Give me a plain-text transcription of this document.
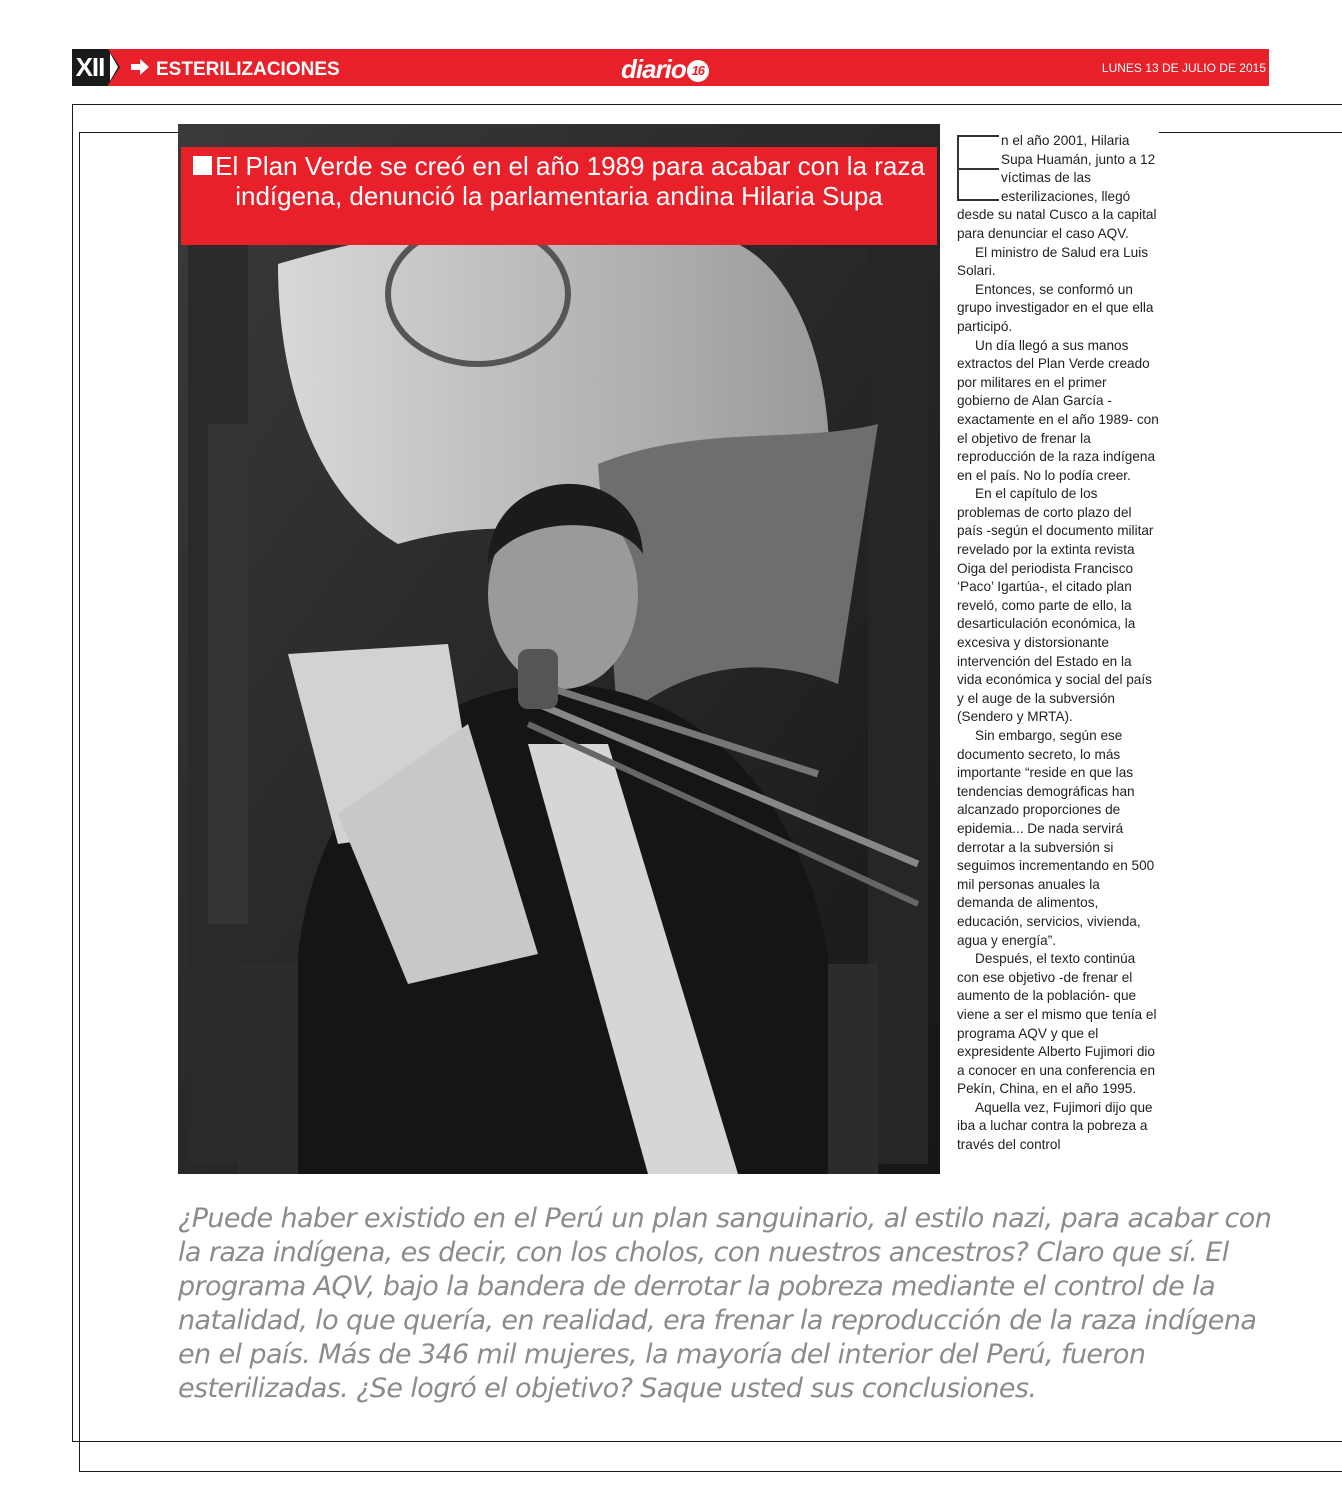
XII	ESTERILIZACIONES	diario 16	LUNES 13 DE JULIO DE 2015
El Plan Verde se creó en el año 1989 para acabar con la raza indígena, denunció la parlamentaria andina Hilaria Supa

n el año 2001, Hilaria Supa Huamán, junto a 12 víctimas de las esterilizaciones, llegó desde su natal Cusco a la capital para denunciar el caso AQV.

El ministro de Salud era Luis Solari.

Entonces, se conformó un grupo investigador en el que ella participó.

Un día llegó a sus manos extractos del Plan Verde creado por militares en el primer gobierno de Alan García -exactamente en el año 1989- con el objetivo de frenar la reproducción de la raza indígena en el país. No lo podía creer.

En el capítulo de los problemas de corto plazo del país -según el documento militar revelado por la extinta revista Oiga del periodista Francisco ‘Paco’ Igartúa-, el citado plan reveló, como parte de ello, la desarticulación económica, la excesiva y distorsionante intervención del Estado en la vida económica y social del país y el auge de la subversión (Sendero y MRTA).

Sin embargo, según ese documento secreto, lo más importante “reside en que las tendencias demográficas han alcanzado proporciones de epidemia... De nada servirá derrotar a la subversión si seguimos incrementando en 500 mil personas anuales la demanda de alimentos, educación, servicios, vivienda, agua y energía”.

Después, el texto continúa con ese objetivo -de frenar el aumento de la población- que viene a ser el mismo que tenía el programa AQV y que el expresidente Alberto Fujimori dio a conocer en una conferencia en Pekín, China, en el año 1995.

Aquella vez, Fujimori dijo que iba a luchar contra la pobreza a través del control

¿Puede haber existido en el Perú un plan sanguinario, al estilo nazi, para acabar con la raza indígena, es decir, con los cholos, con nuestros ancestros? Claro que sí. El programa AQV, bajo la bandera de derrotar la pobreza mediante el control de la natalidad, lo que quería, en realidad, era frenar la reproducción de la raza indígena en el país. Más de 346 mil mujeres, la mayoría del interior del Perú, fueron esterilizadas. ¿Se logró el objetivo? Saque usted sus conclusiones.
